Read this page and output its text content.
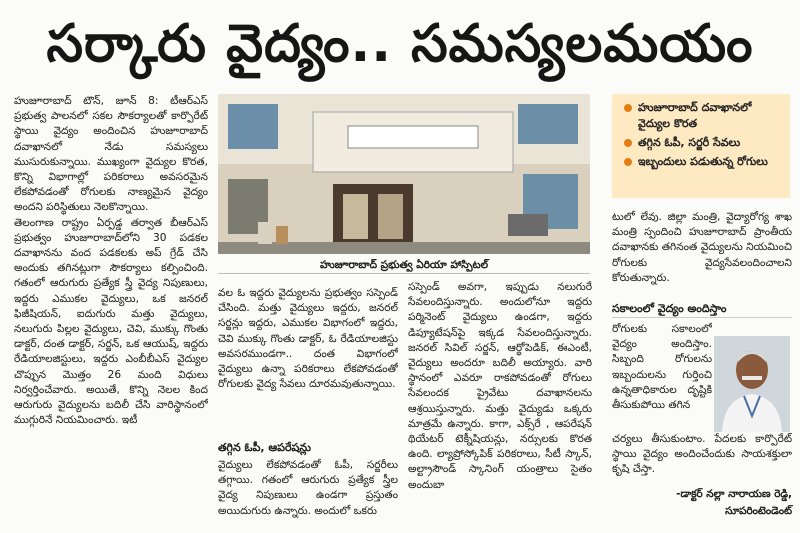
సర్కారు వైద్యం.. సమస్యలమయం
హుజూరాబాద్ టౌన్, జూన్ 8: టీఆర్ఎస్ ప్రభుత్వ పాలనలో సకల సౌకర్యాలతో కార్పొరేట్ స్థాయి వైద్యం అందించిన హుజూరాబాద్ దవాఖానలో నేడు సమస్యలు ముసురుకున్నాయి. ముఖ్యంగా వైద్యుల కొరత, కొన్ని విభాగాల్లో పరికరాలు అవసరమైన లేకపోవడంతో రోగులకు నాణ్యమైన వైద్యం అందని పరిస్థితులు నెలకొన్నాయి.
తెలంగాణ రాష్ట్రం ఏర్పడ్డ తర్వాత బీఆర్ఎస్ ప్రభుత్వం హుజూరాబాద్‌లోని 30 పడకల దవాఖానను వంద పడకలకు అప్ గ్రేడ్ చేసి అందుకు తగినట్లుగా సౌకర్యాలు కల్పించింది. గతంలో ఆరుగురు ప్రత్యేక స్త్రీ వైద్య నిపుణులు, ఇద్దరు ఎముకల వైద్యులు, ఒక జనరల్ ఫిజీషియన్, ఐదుగురు మత్తు వైద్యులు, నలుగురు పిల్లల వైద్యులు, చెవి, ముక్కు గొంతు డాక్టర్, దంత డాక్టర్, సర్జన్, ఒక ఆయుష్, ఇద్దరు రేడియాలజిస్టులు, ఇద్దరు ఎంబీబీఎస్ వైద్యుల చొప్పున మొత్తం 26 మంది విధులు నిర్వర్తించేవారు. అయితే, కొన్ని నెలల కింద ఆరుగురు వైద్యులను బదిలీ చేసి వారిస్థానంలో ముగ్గురినే నియమించారు. ఇటీ
హుజూరాబాద్ ప్రభుత్వ ఏరియా హాస్పిటల్
వల ఓ ఇద్దరు వైద్యులను ప్రభుత్వం సస్పెండ్ చేసింది. మత్తు వైద్యులు ఇద్దరు, జనరల్ సర్జన్లు ఇద్దరు, ఎముకల విభాగంలో ఇద్దరు, చెవి ముక్కు గొంతు డాక్టర్, ఓ రేడియాలజిస్టు అవసరముండగా.. దంత విభాగంలో వైద్యులు ఉన్నా పరికరాలు లేకపోవడంతో రోగులకు వైద్య సేవలు దూరమవుతున్నాయి.
తగ్గిన ఓపీ, ఆపరేషన్లు
వైద్యులు లేకపోవడంతో ఓపీ, సర్జరీలు తగ్గాయి. గతంలో ఆరుగురు ప్రత్యేక స్త్రీల వైద్య నిపుణులు ఉండగా ప్రస్తుతం అయిదుగురు ఉన్నారు. అందులో ఒకరు
సస్పెండ్ అవగా, ఇప్పుడు నలుగురే సేవలందిస్తున్నారు. అందులోనూ ఇద్దరు పర్మినెంట్ వైద్యులు ఉండగా, ఇద్దరు డిప్యూటేషన్‌పై ఇక్కడ సేవలందిస్తున్నారు. జనరల్ సివిల్ సర్జన్, ఆర్థోపెడిక్, ఈఎంటీ, వైద్యులు అందరూ బదిలీ అయ్యారు. వారి స్థానంలో ఎవరూ రాకపోవడంతో రోగులు సేవలందక ప్రైవేటు దవాఖానలను ఆశ్రయిస్తున్నారు. మత్తు వైద్యుడు ఒక్కరు మాత్రమే ఉన్నారు. కాగా, ఎక్స్‌రే , ఆపరేషన్ థియేటర్ టెక్నీషియన్లు, నర్సులకు కొరత ఉంది. ల్యాప్రోస్కోపిక్ పరికరాలు, సీటీ స్కాన్, అల్ట్రాసౌండ్ స్కానింగ్ యంత్రాలు సైతం అందుబా
హుజూరాబాద్ దవాఖానలో వైద్యుల కొరత
తగ్గిన ఓపీ, సర్జరీ సేవలు
ఇబ్బందులు పడుతున్న రోగులు
టులో లేవు. జిల్లా మంత్రి, వైద్యారోగ్య శాఖ మంత్రి స్పందించి హుజూరాబాద్ ప్రాంతీయ దవాఖానకు తగినంత వైద్యులను నియమించి రోగులకు వైద్యసేవలందించాలని కోరుతున్నారు.
సకాలంలో వైద్యం అందిస్తాం
రోగులకు సకాలంలో వైద్యం అందిస్తాం. సిబ్బంది రోగులను ఇబ్బందులను గుర్తించి ఉన్నతాధికారుల దృష్టికి తీసుకుపోయి తగిన
చర్యలు తీసుకుంటాం. పేదలకు కార్పొరేట్ స్థాయి వైద్యం అందించేందుకు సాయశక్తులా కృషి చేస్తా.
-డాక్టర్ నల్లా నారాయణ రెడ్డి,
సూపరింటెండెంట్
